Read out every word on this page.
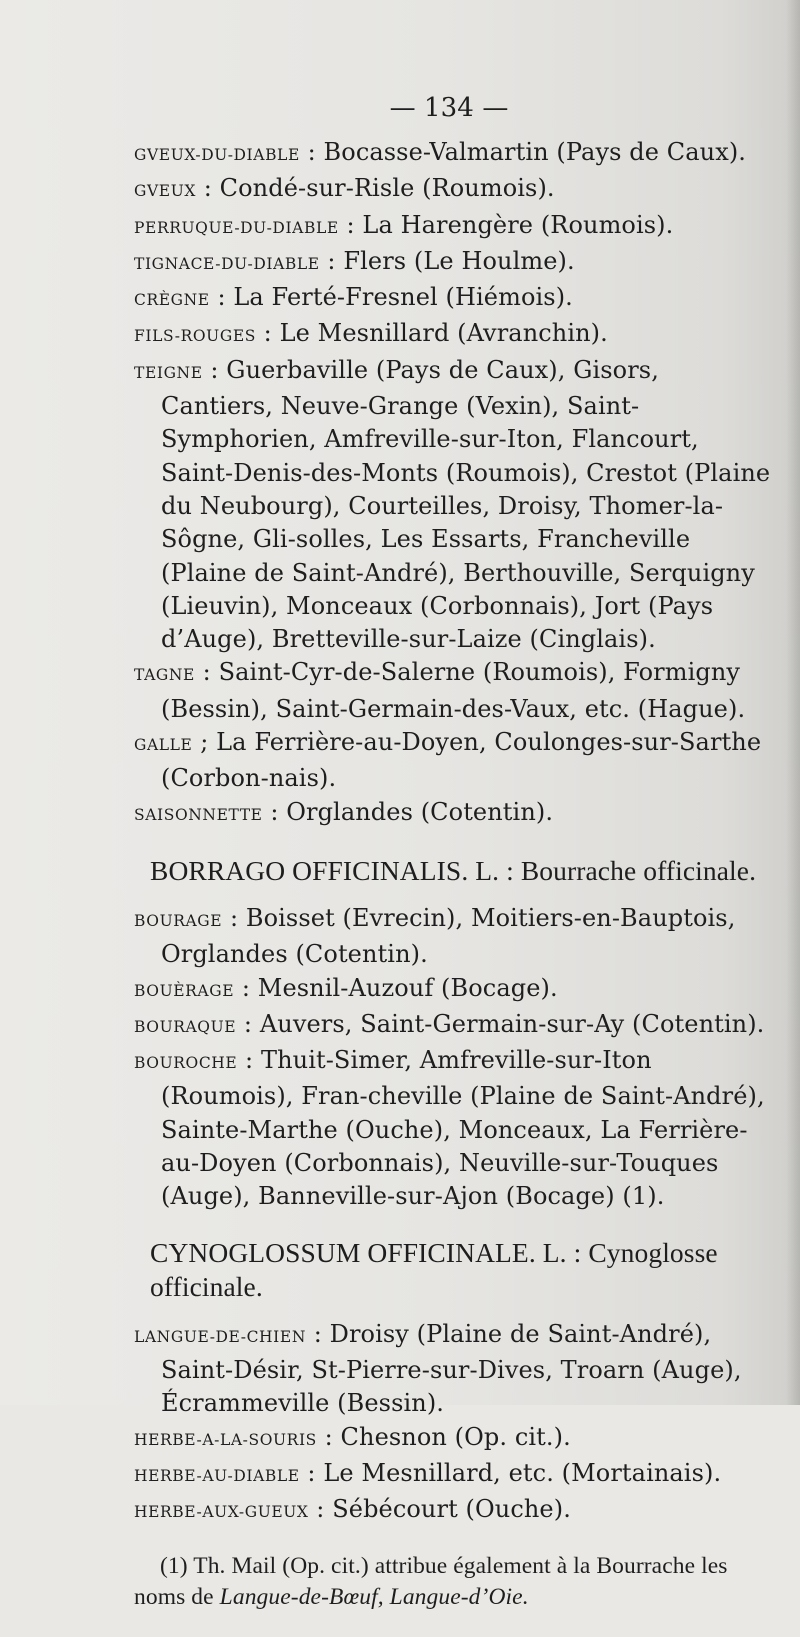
— 134 —

GVEUX-DU-DIABLE : Bocasse-Valmartin (Pays de Caux).

GVEUX : Condé-sur-Risle (Roumois).

PERRUQUE-DU-DIABLE : La Harengère (Roumois).

TIGNACE-DU-DIABLE : Flers (Le Houlme).

CRÈGNE : La Ferté-Fresnel (Hiémois).

FILS-ROUGES : Le Mesnillard (Avranchin).

TEIGNE : Guerbaville (Pays de Caux), Gisors, Cantiers, Neuve-Grange (Vexin), Saint-Symphorien, Amfreville-sur-Iton, Flancourt, Saint-Denis-des-Monts (Roumois), Crestot (Plaine du Neubourg), Courteilles, Droisy, Thomer-la-Sôgne, Gli-solles, Les Essarts, Francheville (Plaine de Saint-André), Berthouville, Serquigny (Lieuvin), Monceaux (Corbonnais), Jort (Pays d’Auge), Bretteville-sur-Laize (Cinglais).

TAGNE : Saint-Cyr-de-Salerne (Roumois), Formigny (Bessin), Saint-Germain-des-Vaux, etc. (Hague).

GALLE ; La Ferrière-au-Doyen, Coulonges-sur-Sarthe (Corbon-nais).

SAISONNETTE : Orglandes (Cotentin).

BORRAGO OFFICINALIS. L. : Bourrache officinale.

BOURAGE : Boisset (Evrecin), Moitiers-en-Bauptois, Orglandes (Cotentin).

BOUÈRAGE : Mesnil-Auzouf (Bocage).

BOURAQUE : Auvers, Saint-Germain-sur-Ay (Cotentin).

BOUROCHE : Thuit-Simer, Amfreville-sur-Iton (Roumois), Fran-cheville (Plaine de Saint-André), Sainte-Marthe (Ouche), Monceaux, La Ferrière-au-Doyen (Corbonnais), Neuville-sur-Touques (Auge), Banneville-sur-Ajon (Bocage) (1).

CYNOGLOSSUM OFFICINALE. L. : Cynoglosse officinale.

LANGUE-DE-CHIEN : Droisy (Plaine de Saint-André), Saint-Désir, St-Pierre-sur-Dives, Troarn (Auge), Écrammeville (Bessin).

HERBE-A-LA-SOURIS : Chesnon (Op. cit.).

HERBE-AU-DIABLE : Le Mesnillard, etc. (Mortainais).

HERBE-AUX-GUEUX : Sébécourt (Ouche).

(1) Th. Mail (Op. cit.) attribue également à la Bourrache les noms de Langue-de-Bœuf, Langue-d’Oie.
